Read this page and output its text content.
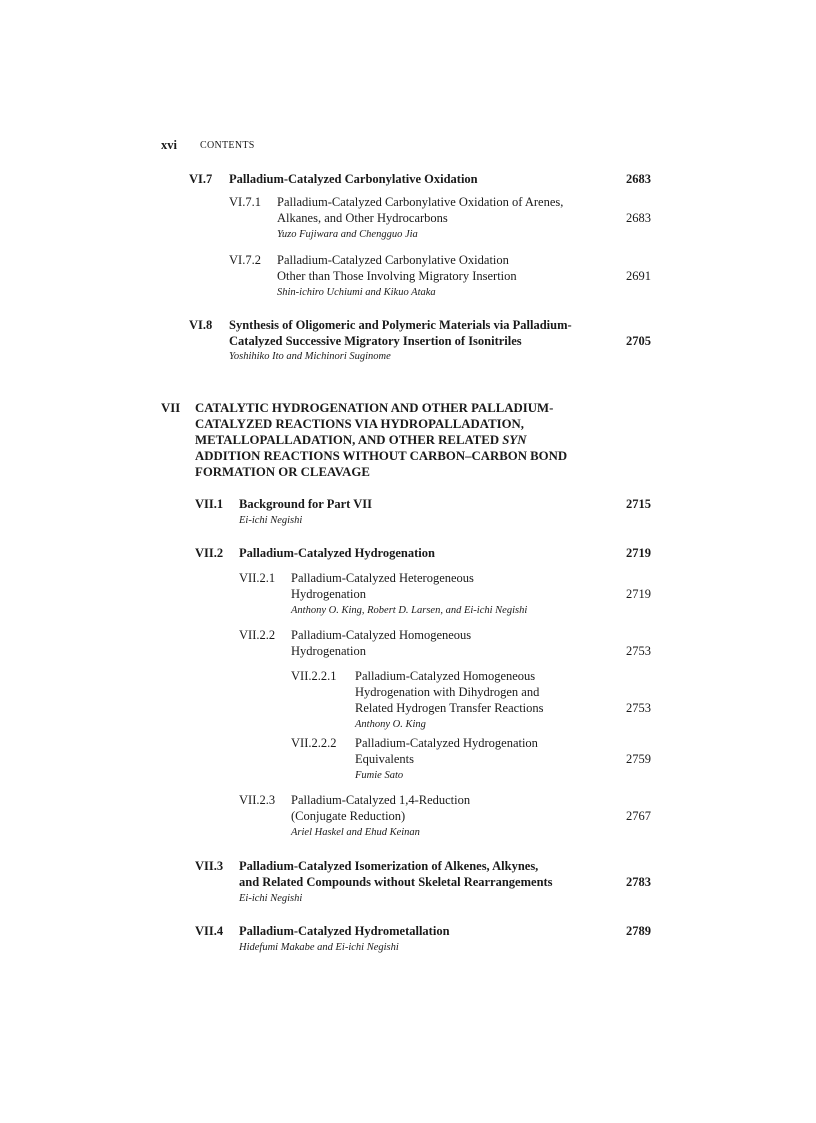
xvi CONTENTS
VI.7 Palladium-Catalyzed Carbonylative Oxidation	2683
VI.7.1 Palladium-Catalyzed Carbonylative Oxidation of Arenes,
Alkanes, and Other Hydrocarbons	2683
Yuzo Fujiwara and Chengguo Jia
VI.7.2 Palladium-Catalyzed Carbonylative Oxidation
Other than Those Involving Migratory Insertion	2691
Shin-ichiro Uchiumi and Kikuo Ataka
VI.8 Synthesis of Oligomeric and Polymeric Materials via Palladium-
Catalyzed Successive Migratory Insertion of Isonitriles	2705
Yoshihiko Ito and Michinori Suginome
VII CATALYTIC HYDROGENATION AND OTHER PALLADIUM-
CATALYZED REACTIONS VIA HYDROPALLADATION,
METALLOPALLADATION, AND OTHER RELATED SYN
ADDITION REACTIONS WITHOUT CARBON–CARBON BOND
FORMATION OR CLEAVAGE
VII.1 Background for Part VII	2715
Ei-ichi Negishi
VII.2 Palladium-Catalyzed Hydrogenation	2719
VII.2.1 Palladium-Catalyzed Heterogeneous
Hydrogenation	2719
Anthony O. King, Robert D. Larsen, and Ei-ichi Negishi
VII.2.2 Palladium-Catalyzed Homogeneous
Hydrogenation	2753
VII.2.2.1 Palladium-Catalyzed Homogeneous
Hydrogenation with Dihydrogen and
Related Hydrogen Transfer Reactions	2753
Anthony O. King
VII.2.2.2 Palladium-Catalyzed Hydrogenation
Equivalents	2759
Fumie Sato
VII.2.3 Palladium-Catalyzed 1,4-Reduction
(Conjugate Reduction)	2767
Ariel Haskel and Ehud Keinan
VII.3 Palladium-Catalyzed Isomerization of Alkenes, Alkynes,
and Related Compounds without Skeletal Rearrangements	2783
Ei-ichi Negishi
VII.4 Palladium-Catalyzed Hydrometallation	2789
Hidefumi Makabe and Ei-ichi Negishi
